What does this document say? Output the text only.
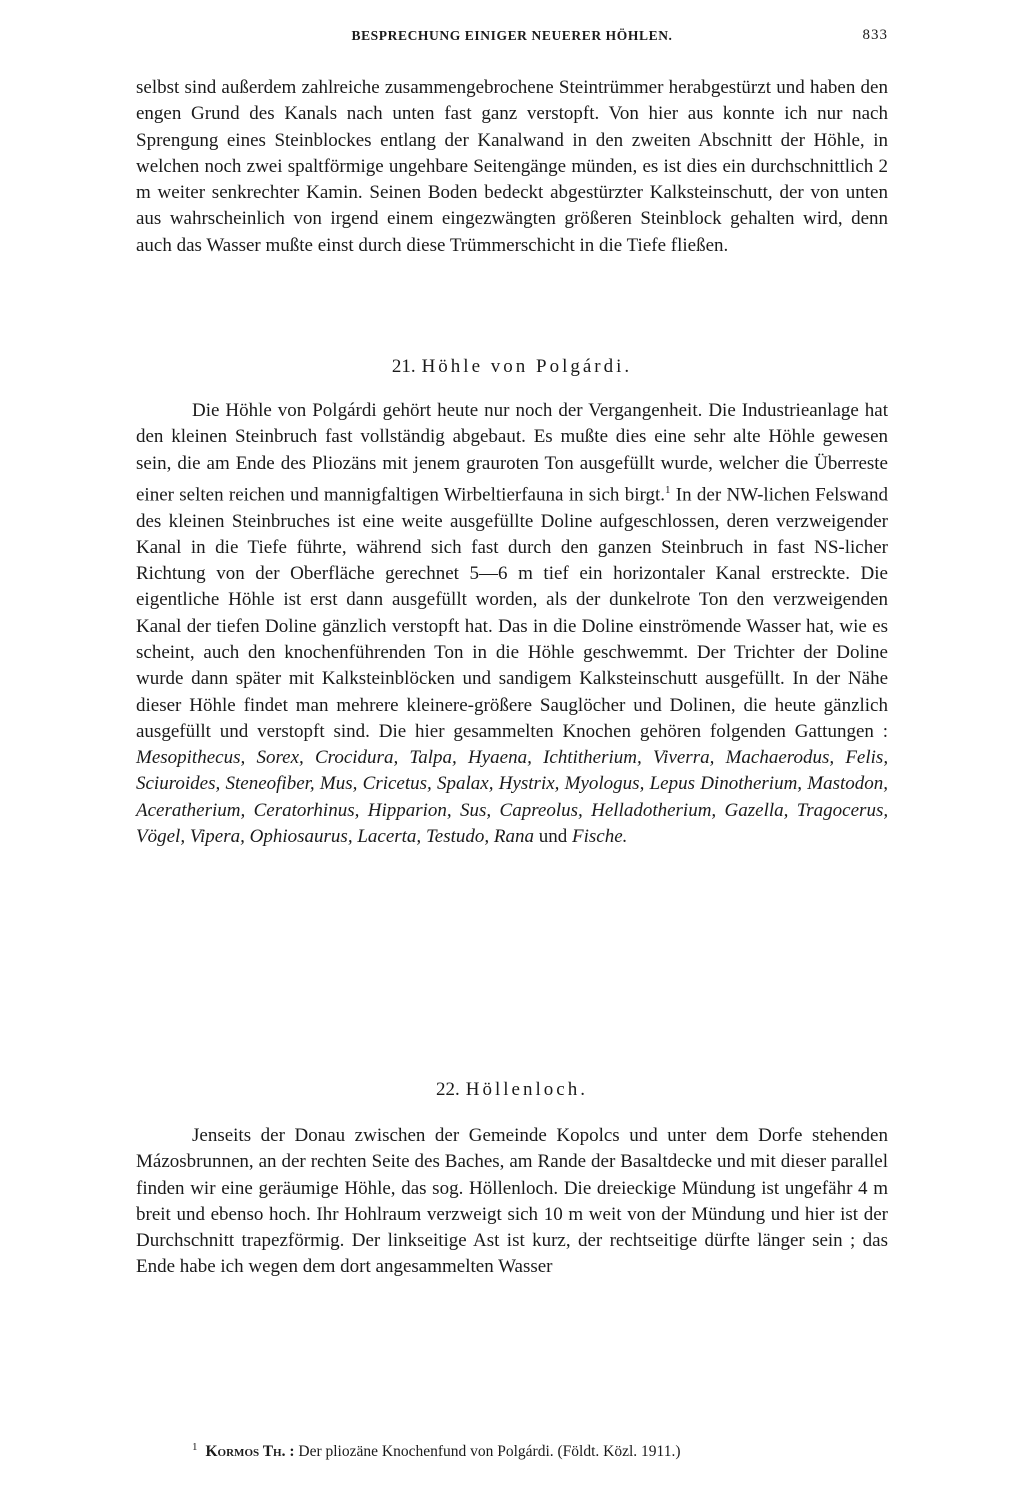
BESPRECHUNG EINIGER NEUERER HÖHLEN.	833

selbst sind außerdem zahlreiche zusammengebrochene Steintrümmer herabgestürzt und haben den engen Grund des Kanals nach unten fast ganz verstopft. Von hier aus konnte ich nur nach Sprengung eines Steinblockes entlang der Kanalwand in den zweiten Abschnitt der Höhle, in welchen noch zwei spaltförmige ungehbare Seitengänge münden, es ist dies ein durchschnittlich 2 m weiter senkrechter Kamin. Seinen Boden bedeckt abgestürzter Kalksteinschutt, der von unten aus wahrscheinlich von irgend einem eingezwängten größeren Steinblock gehalten wird, denn auch das Wasser mußte einst durch diese Trümmerschicht in die Tiefe fließen.

21. Höhle von Polgárdi.

Die Höhle von Polgárdi gehört heute nur noch der Vergangenheit. Die Industrieanlage hat den kleinen Steinbruch fast vollständig abgebaut. Es mußte dies eine sehr alte Höhle gewesen sein, die am Ende des Pliozäns mit jenem grauroten Ton ausgefüllt wurde, welcher die Überreste einer selten reichen und mannigfaltigen Wirbeltierfauna in sich birgt.$^1$ In der NW-lichen Felswand des kleinen Steinbruches ist eine weite ausgefüllte Doline aufgeschlossen, deren verzweigender Kanal in die Tiefe führte, während sich fast durch den ganzen Steinbruch in fast NS-licher Richtung von der Oberfläche gerechnet 5—6 m tief ein horizontaler Kanal erstreckte. Die eigentliche Höhle ist erst dann ausgefüllt worden, als der dunkelrote Ton den verzweigenden Kanal der tiefen Doline gänzlich verstopft hat. Das in die Doline einströmende Wasser hat, wie es scheint, auch den knochenführenden Ton in die Höhle geschwemmt. Der Trichter der Doline wurde dann später mit Kalksteinblöcken und sandigem Kalksteinschutt ausgefüllt. In der Nähe dieser Höhle findet man mehrere kleinere-größere Sauglöcher und Dolinen, die heute gänzlich ausgefüllt und verstopft sind. Die hier gesammelten Knochen gehören folgenden Gattungen : Mesopithecus, Sorex, Crocidura, Talpa, Hyaena, Ichtitherium, Viverra, Machaerodus, Felis, Sciuroides, Steneofiber, Mus, Cricetus, Spalax, Hystrix, Myologus, Lepus Dinotherium, Mastodon, Aceratherium, Ceratorhinus, Hipparion, Sus, Capreolus, Helladotherium, Gazella, Tragocerus, Vögel, Vipera, Ophiosaurus, Lacerta, Testudo, Rana und Fische.

22. Höllenloch.

Jenseits der Donau zwischen der Gemeinde Kopolcs und unter dem Dorfe stehenden Mázosbrunnen, an der rechten Seite des Baches, am Rande der Basaltdecke und mit dieser parallel finden wir eine geräumige Höhle, das sog. Höllenloch. Die dreieckige Mündung ist ungefähr 4 m breit und ebenso hoch. Ihr Hohlraum verzweigt sich 10 m weit von der Mündung und hier ist der Durchschnitt trapezförmig. Der linkseitige Ast ist kurz, der rechtseitige dürfte länger sein ; das Ende habe ich wegen dem dort angesammelten Wasser

$^1$ Kormos Th. : Der pliozäne Knochenfund von Polgárdi. (Földt. Közl. 1911.)
